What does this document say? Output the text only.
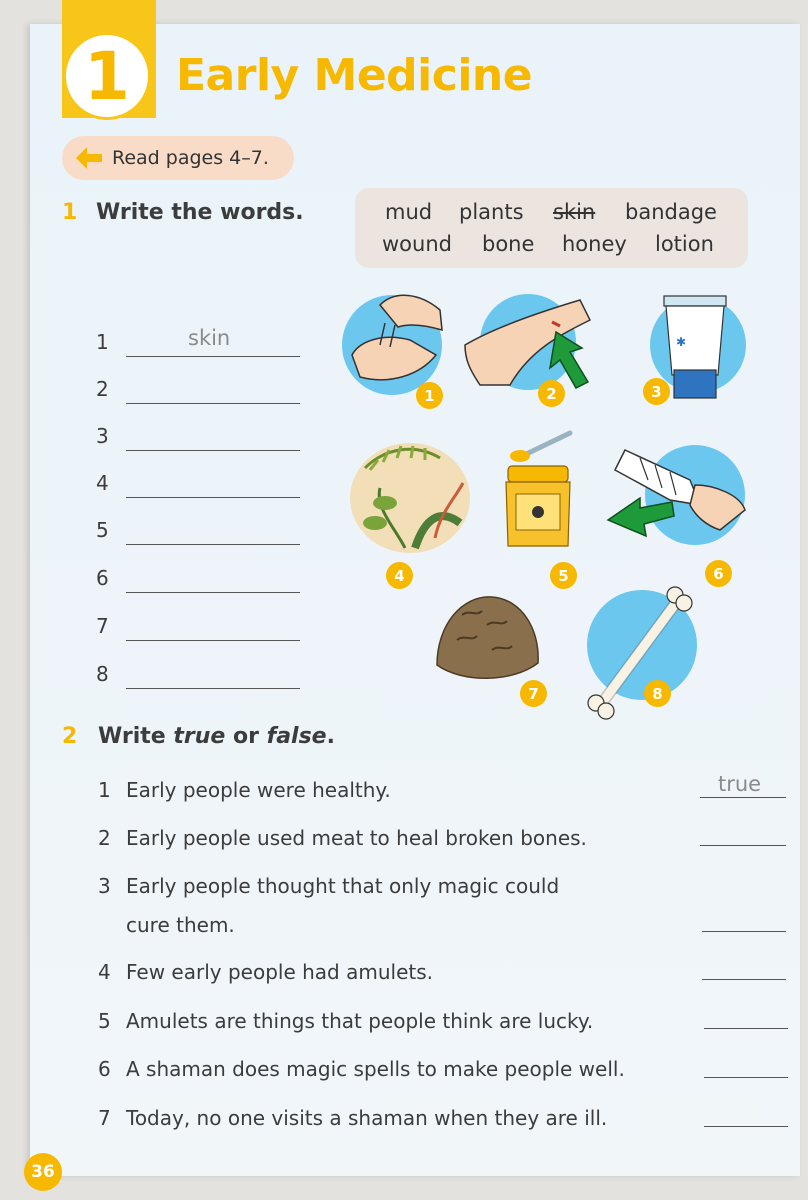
1	Early Medicine
Read pages 4–7.
1 Write the words.	mud plants skin bandage
wound bone honey lotion
1	skin
2
3
4
5
6
7
8
1	2
✱
3
4	5	6
7	8
2 Write true or false.
1 Early people were healthy.	true
2 Early people used meat to heal broken bones.
3 Early people thought that only magic could
cure them.
4 Few early people had amulets.
5 Amulets are things that people think are lucky.
6 A shaman does magic spells to make people well.
7 Today, no one visits a shaman when they are ill.
36
